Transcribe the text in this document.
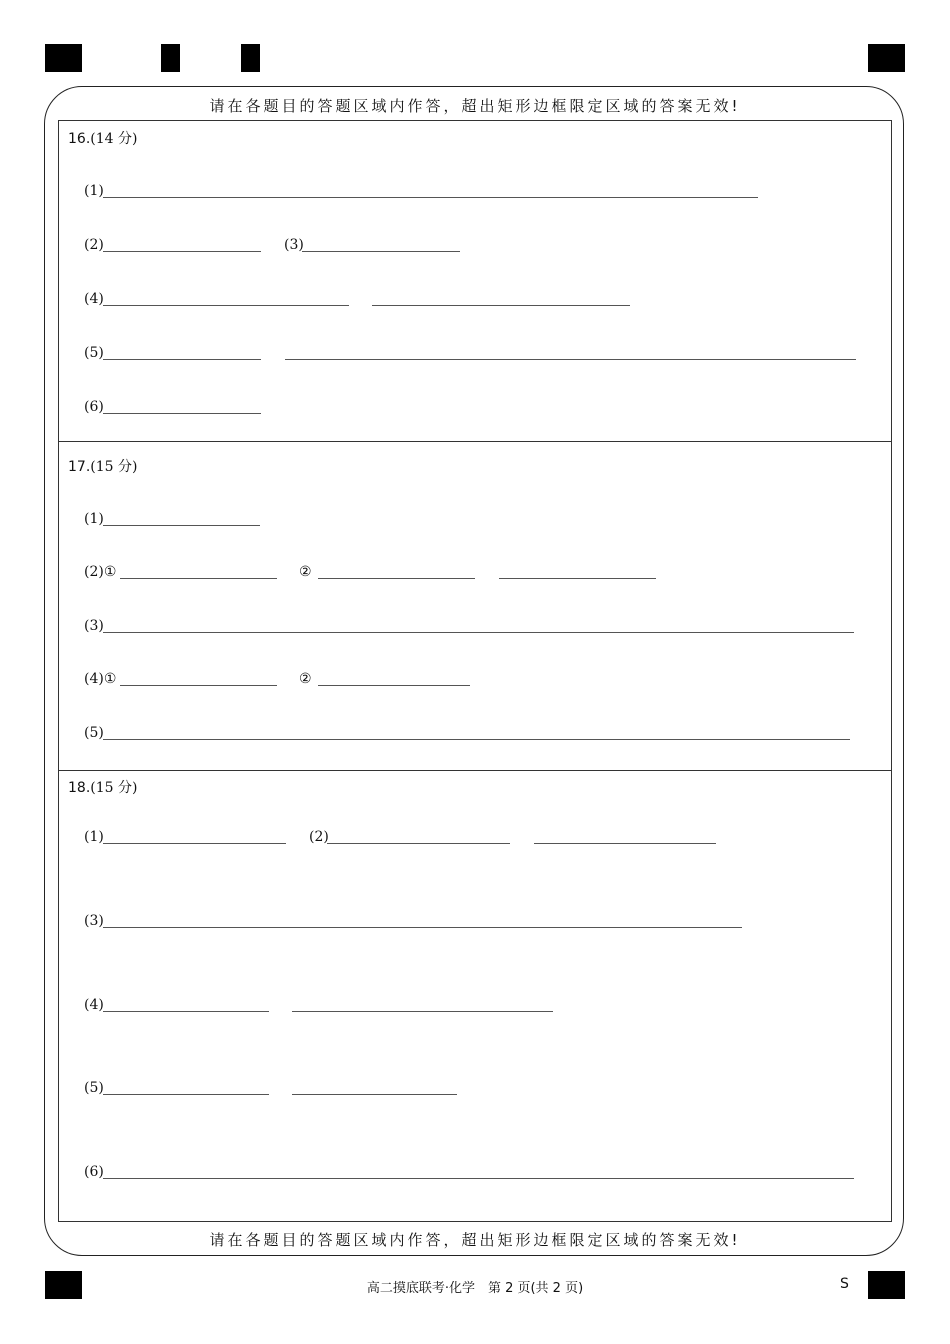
请在各题目的答题区域内作答，超出矩形边框限定区域的答案无效!
请在各题目的答题区域内作答，超出矩形边框限定区域的答案无效!
16.(14 分)
(1)
(2)	(3)
(4)
(5)
(6)
17.(15 分)
(1)
(2)①	②
(3)
(4)①	②
(5)
18.(15 分)
(1)	(2)
(3)
(4)
(5)
(6)
高二摸底联考·化学　第 2 页(共 2 页)	S
